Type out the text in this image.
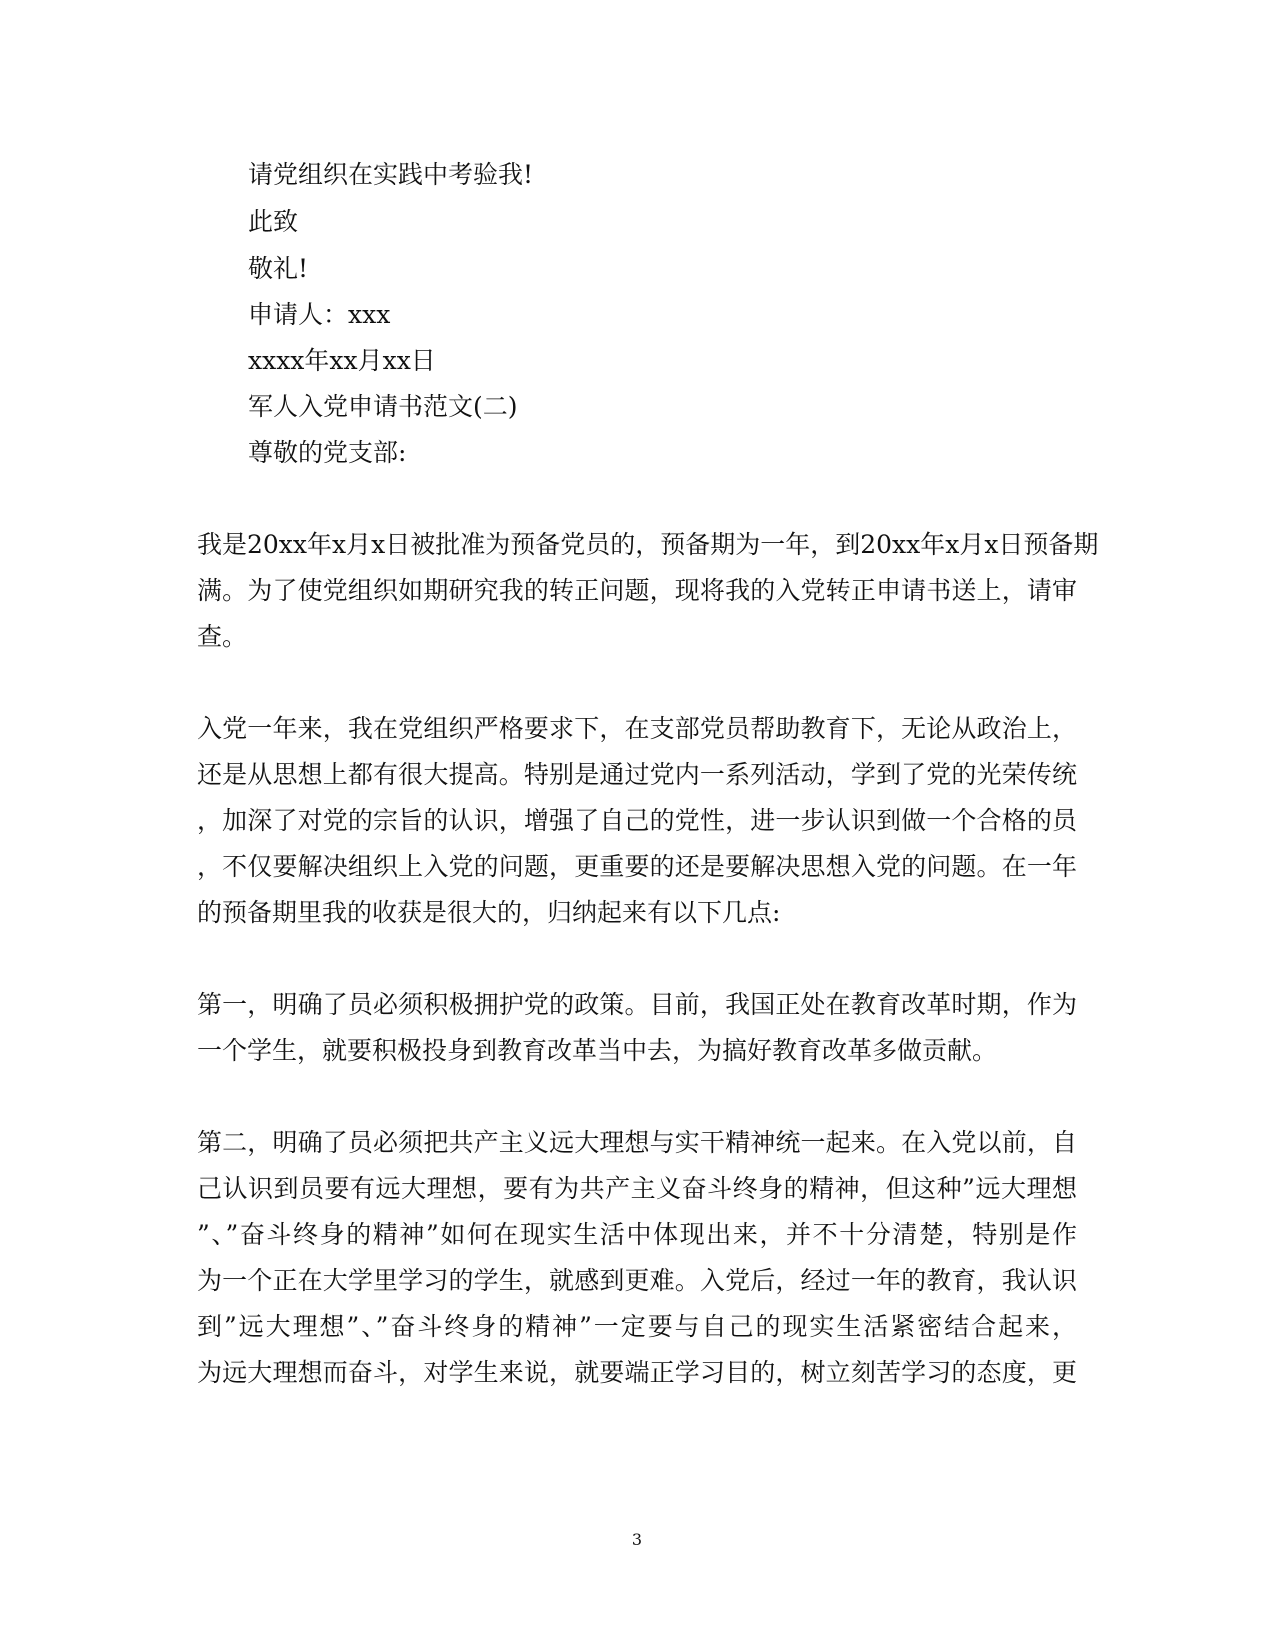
请党组织在实践中考验我!
此致
敬礼!
申请人：xxx
xxxx年xx月xx日
军人入党申请书范文(二)
尊敬的党支部:
我是20xx年x月x日被批准为预备党员的，预备期为一年，到20xx年x月x日预备期
满。为了使党组织如期研究我的转正问题，现将我的入党转正申请书送上，请审
查。
入党一年来，我在党组织严格要求下，在支部党员帮助教育下，无论从政治上，
还是从思想上都有很大提高。特别是通过党内一系列活动，学到了党的光荣传统
，加深了对党的宗旨的认识，增强了自己的党性，进一步认识到做一个合格的员
，不仅要解决组织上入党的问题，更重要的还是要解决思想入党的问题。在一年
的预备期里我的收获是很大的，归纳起来有以下几点:
第一，明确了员必须积极拥护党的政策。目前，我国正处在教育改革时期，作为
一个学生，就要积极投身到教育改革当中去，为搞好教育改革多做贡献。
第二，明确了员必须把共产主义远大理想与实干精神统一起来。在入党以前，自
己认识到员要有远大理想，要有为共产主义奋斗终身的精神，但这种”远大理想
”、”奋斗终身的精神”如何在现实生活中体现出来，并不十分清楚，特别是作
为一个正在大学里学习的学生，就感到更难。入党后，经过一年的教育，我认识
到”远大理想”、”奋斗终身的精神”一定要与自己的现实生活紧密结合起来，
为远大理想而奋斗，对学生来说，就要端正学习目的，树立刻苦学习的态度，更
3
